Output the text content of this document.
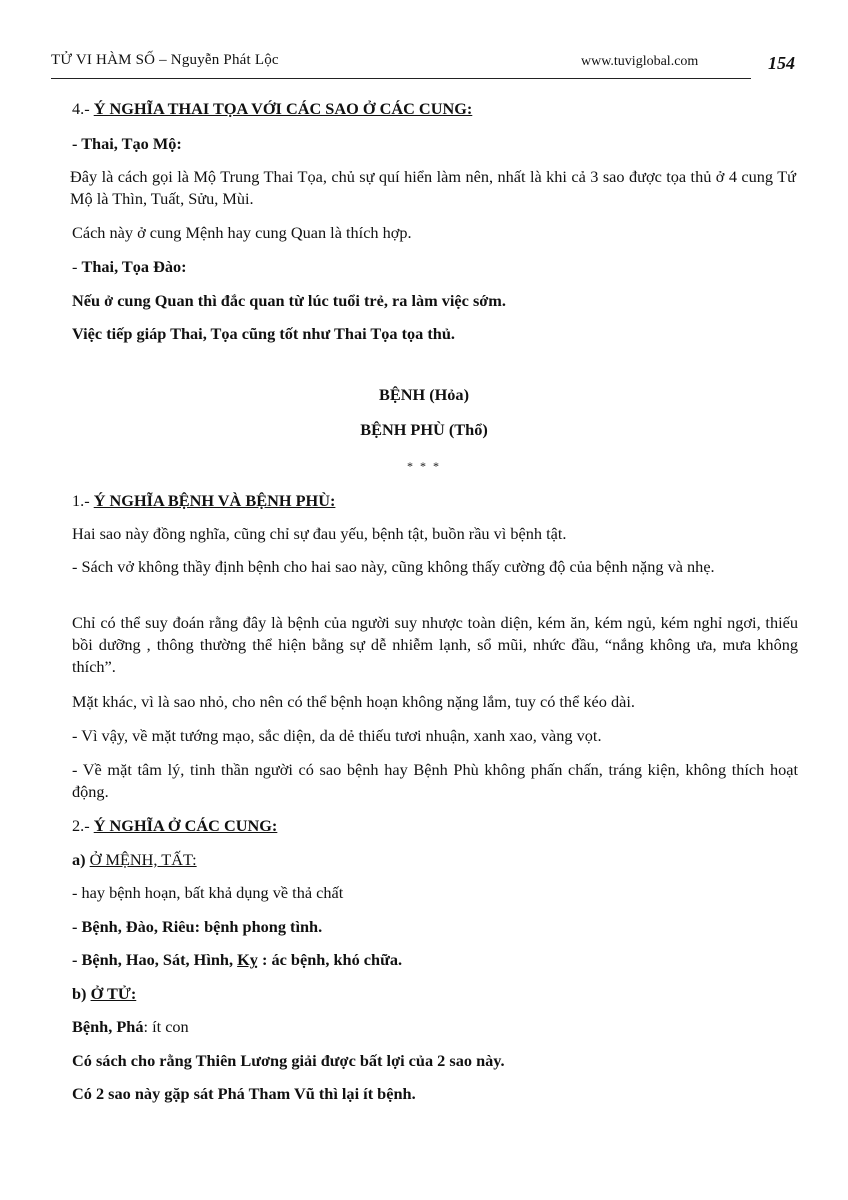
TỬ VI HÀM SỐ – Nguyễn Phát Lộc	www.tuviglobal.com	154

4.- Ý NGHĨA THAI TỌA VỚI CÁC SAO Ở CÁC CUNG:

- Thai, Tạo Mộ:

Đây là cách gọi là Mộ Trung Thai Tọa, chủ sự quí hiển làm nên, nhất là khi cả 3 sao được tọa thủ ở 4 cung Tứ Mộ là Thìn, Tuất, Sửu, Mùi.

Cách này ở cung Mệnh hay cung Quan là thích hợp.

- Thai, Tọa Đào:

Nếu ở cung Quan thì đắc quan từ lúc tuổi trẻ, ra làm việc sớm.

Việc tiếp giáp Thai, Tọa cũng tốt như Thai Tọa tọa thủ.

BỆNH (Hỏa)

BỆNH PHÙ (Thổ)

* * *

1.- Ý NGHĨA BỆNH VÀ BỆNH PHÙ:

Hai sao này đồng nghĩa, cũng chỉ sự đau yếu, bệnh tật, buồn rầu vì bệnh tật.

- Sách vở không thầy định bệnh cho hai sao này, cũng không thấy cường độ của bệnh nặng và nhẹ.

Chỉ có thể suy đoán rằng đây là bệnh của người suy nhược toàn diện, kém ăn, kém ngủ, kém nghỉ ngơi, thiếu bồi dưỡng , thông thường thể hiện bằng sự dễ nhiễm lạnh, sổ mũi, nhức đầu, “nắng không ưa, mưa không thích”.

Mặt khác, vì là sao nhỏ, cho nên có thể bệnh hoạn không nặng lắm, tuy có thể kéo dài.

- Vì vậy, về mặt tướng mạo, sắc diện, da dẻ thiếu tươi nhuận, xanh xao, vàng vọt.

- Về mặt tâm lý, tinh thần người có sao bệnh hay Bệnh Phù không phấn chấn, tráng kiện, không thích hoạt động.

2.- Ý NGHĨA Ở CÁC CUNG:

a) Ở MỆNH, TẤT:

- hay bệnh hoạn, bất khả dụng về thả chất

- Bệnh, Đào, Riêu: bệnh phong tình.

- Bệnh, Hao, Sát, Hình, Kỵ : ác bệnh, khó chữa.

b) Ở TỬ:

Bệnh, Phá: ít con

Có sách cho rằng Thiên Lương giải được bất lợi của 2 sao này.

Có 2 sao này gặp sát Phá Tham Vũ thì lại ít bệnh.
